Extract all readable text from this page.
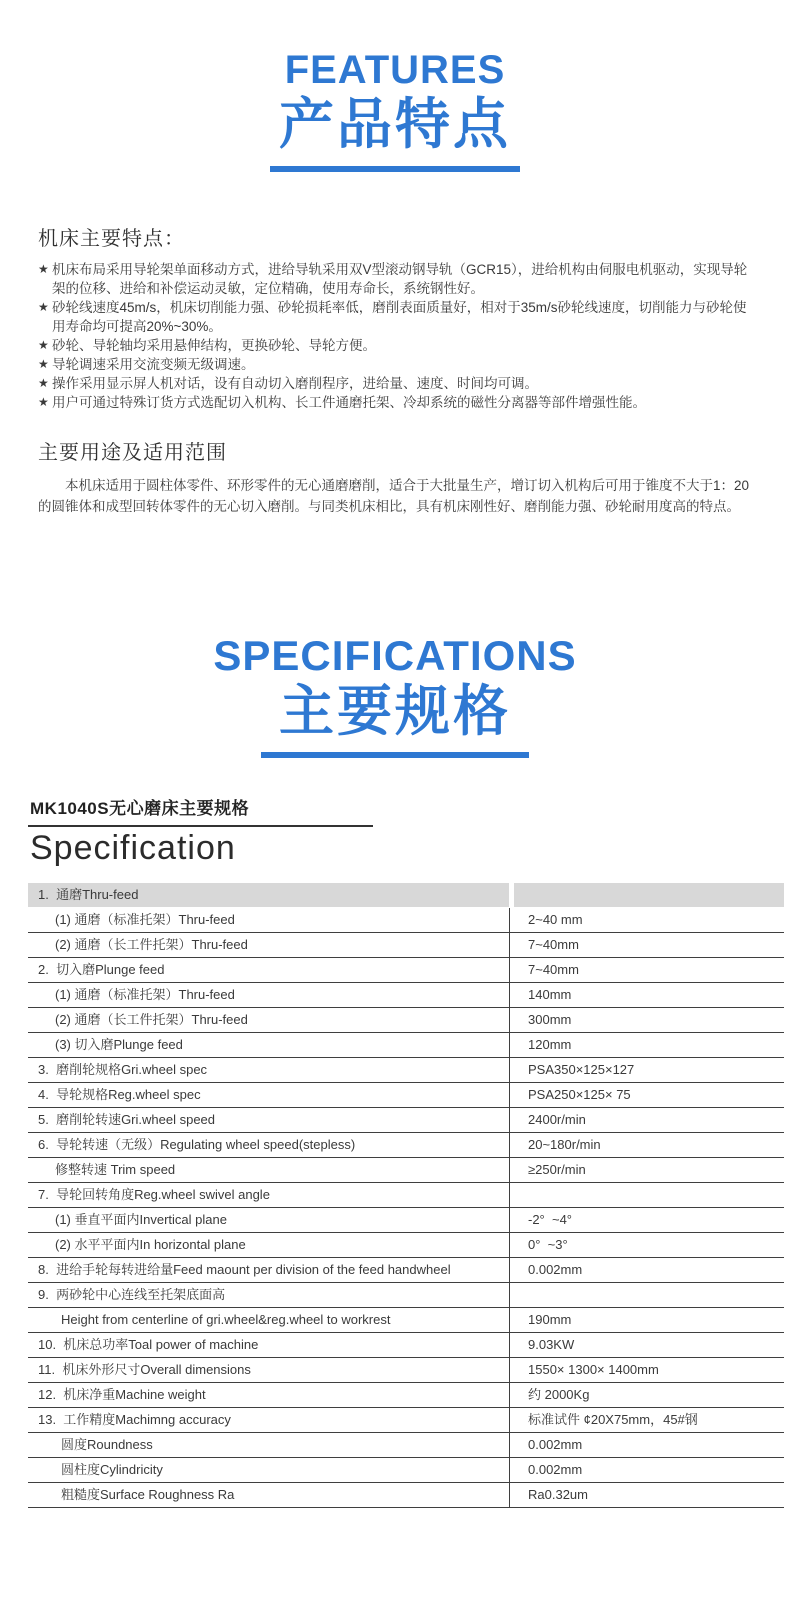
FEATURES
产品特点
机床主要特点：
★ 机床布局采用导轮架单面移动方式，进给导轨采用双V型滚动钢导轨（GCR15），进给机构由伺服电机驱动，实现导轮架的位移、进给和补偿运动灵敏，定位精确，使用寿命长，系统钢性好。
★ 砂轮线速度45m/s，机床切削能力强、砂轮损耗率低，磨削表面质量好，相对于35m/s砂轮线速度，切削能力与砂轮使用寿命均可提高20%~30%。
★ 砂轮、导轮轴均采用悬伸结构，更换砂轮、导轮方便。
★ 导轮调速采用交流变频无级调速。
★ 操作采用显示屏人机对话，设有自动切入磨削程序，进给量、速度、时间均可调。
★ 用户可通过特殊订货方式选配切入机构、长工件通磨托架、冷却系统的磁性分离器等部件增强性能。
主要用途及适用范围

本机床适用于圆柱体零件、环形零件的无心通磨磨削，适合于大批量生产，增订切入机构后可用于锥度不大于1：20的圆锥体和成型回转体零件的无心切入磨削。与同类机床相比，具有机床刚性好、磨削能力强、砂轮耐用度高的特点。

SPECIFICATIONS
主要规格
MK1040S无心磨床主要规格
Specification
1.  通磨Thru-feed
(1) 通磨（标准托架）Thru-feed	2~40 mm
(2) 通磨（长工件托架）Thru-feed	7~40mm
2.  切入磨Plunge feed	7~40mm
(1) 通磨（标准托架）Thru-feed	140mm
(2) 通磨（长工件托架）Thru-feed	300mm
(3) 切入磨Plunge feed	120mm
3.  磨削轮规格Gri.wheel spec	PSA350×125×127
4.  导轮规格Reg.wheel spec	PSA250×125× 75
5.  磨削轮转速Gri.wheel speed	2400r/min
6.  导轮转速（无级）Regulating wheel speed(stepless)	20~180r/min
修整转速 Trim speed	≥250r/min
7.  导轮回转角度Reg.wheel swivel angle
(1) 垂直平面内Invertical plane	-2°  ~4°
(2) 水平平面内In horizontal plane	0°  ~3°
8.  进给手轮每转进给量Feed maount per division of the feed handwheel	0.002mm
9.  两砂轮中心连线至托架底面高
Height from centerline of gri.wheel&reg.wheel to workrest	190mm
10.  机床总功率Toal power of machine	9.03KW
11.  机床外形尺寸Overall dimensions	1550× 1300× 1400mm
12.  机床净重Machine weight	约 2000Kg
13.  工作精度Machimng accuracy	标准试件 ¢20X75mm，45#钢
圆度Roundness	0.002mm
圆柱度Cylindricity	0.002mm
粗糙度Surface Roughness Ra	Ra0.32um
